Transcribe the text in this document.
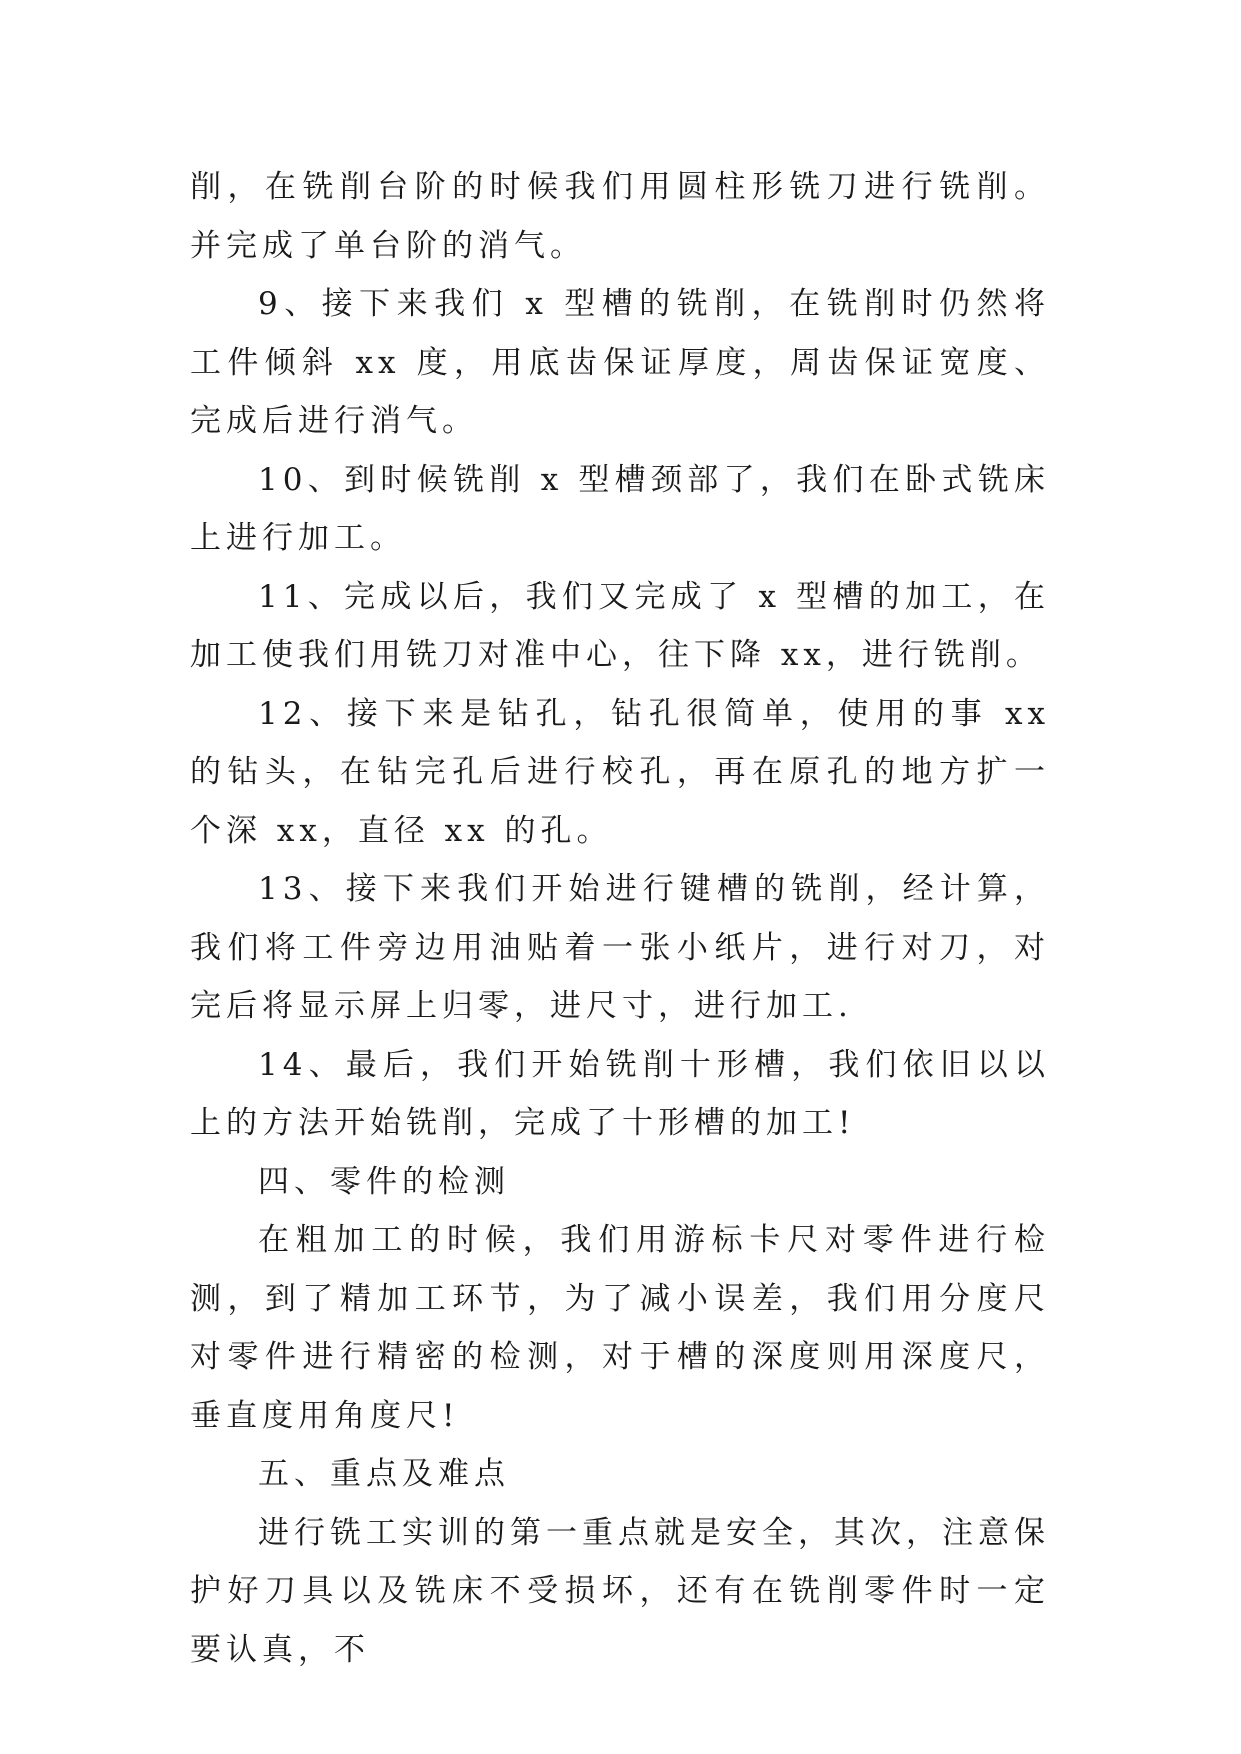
削，在铣削台阶的时候我们用圆柱形铣刀进行铣削。并完成了单台阶的消气。

9、接下来我们 x 型槽的铣削，在铣削时仍然将工件倾斜 xx 度，用底齿保证厚度，周齿保证宽度、完成后进行消气。

10、到时候铣削 x 型槽颈部了，我们在卧式铣床上进行加工。

11、完成以后，我们又完成了 x 型槽的加工，在加工使我们用铣刀对准中心，往下降 xx，进行铣削。

12、接下来是钻孔，钻孔很简单，使用的事 xx 的钻头，在钻完孔后进行校孔，再在原孔的地方扩一个深 xx，直径 xx 的孔。

13、接下来我们开始进行键槽的铣削，经计算，我们将工件旁边用油贴着一张小纸片，进行对刀，对完后将显示屏上归零，进尺寸，进行加工.

14、最后，我们开始铣削十形槽，我们依旧以以上的方法开始铣削，完成了十形槽的加工!

四、零件的检测

在粗加工的时候，我们用游标卡尺对零件进行检测，到了精加工环节，为了减小误差，我们用分度尺对零件进行精密的检测，对于槽的深度则用深度尺，垂直度用角度尺!

五、重点及难点

进行铣工实训的第一重点就是安全，其次，注意保护好刀具以及铣床不受损坏，还有在铣削零件时一定要认真，不
